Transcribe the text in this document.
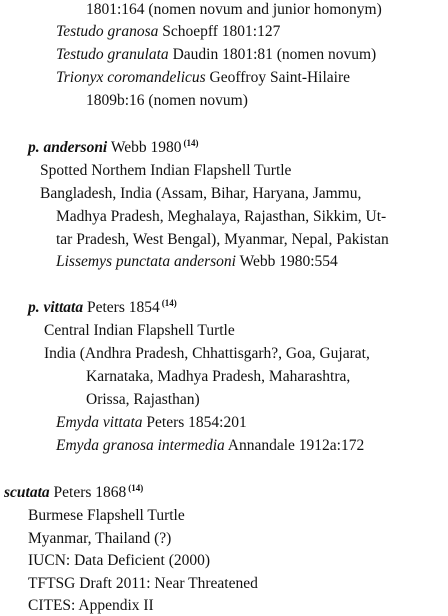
1801:164 (nomen novum and junior homonym)
Testudo granosa Schoepff 1801:127
Testudo granulata Daudin 1801:81 (nomen novum)
Trionyx coromandelicus Geoffroy Saint-Hilaire
1809b:16 (nomen novum)
p. andersoni Webb 1980 $^{(14)}$
Spotted Northem Indian Flapshell Turtle
Bangladesh, India (Assam, Bihar, Haryana, Jammu,
Madhya Pradesh, Meghalaya, Rajasthan, Sikkim, Ut-
tar Pradesh, West Bengal), Myanmar, Nepal, Pakistan
Lissemys punctata andersoni Webb 1980:554
p. vittata Peters 1854 $^{(14)}$
Central Indian Flapshell Turtle
India (Andhra Pradesh, Chhattisgarh?, Goa, Gujarat,
Karnataka, Madhya Pradesh, Maharashtra,
Orissa, Rajasthan)
Emyda vittata Peters 1854:201
Emyda granosa intermedia Annandale 1912a:172
scutata Peters 1868 $^{(14)}$
Burmese Flapshell Turtle
Myanmar, Thailand (?)
IUCN: Data Deficient (2000)
TFTSG Draft 2011: Near Threatened
CITES: Appendix II
